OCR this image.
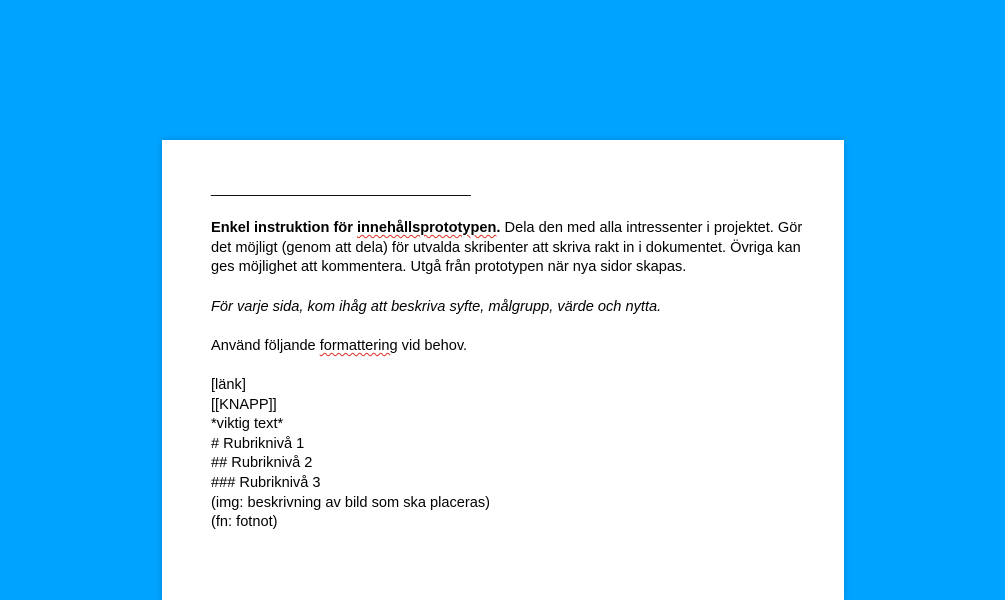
________________________________

Enkel instruktion för innehållsprototypen. Dela den med alla intressenter i projektet. Gör det möjligt (genom att dela) för utvalda skribenter att skriva rakt in i dokumentet. Övriga kan ges möjlighet att kommentera. Utgå från prototypen när nya sidor skapas.

För varje sida, kom ihåg att beskriva syfte, målgrupp, värde och nytta.

Använd följande formattering vid behov.

[länk]
[[KNAPP]]
*viktig text*
# Rubriknivå 1
## Rubriknivå 2
### Rubriknivå 3
(img: beskrivning av bild som ska placeras)
(fn: fotnot)
